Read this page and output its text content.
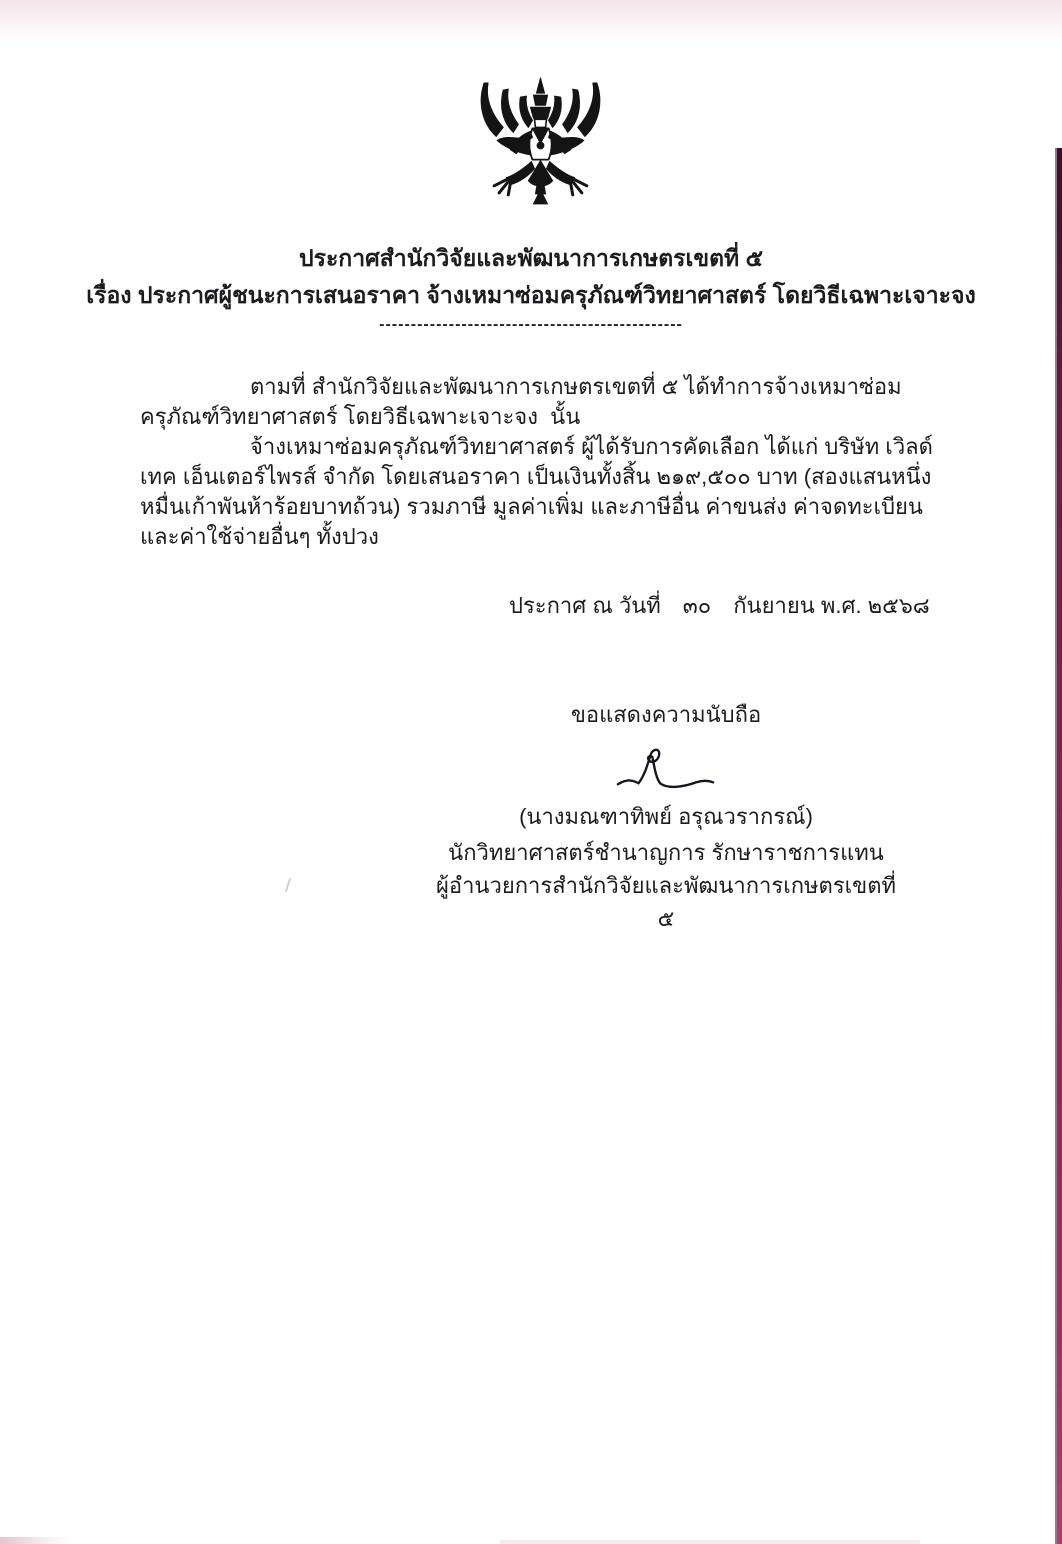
ประกาศสำนักวิจัยและพัฒนาการเกษตรเขตที่ ๕

เรื่อง ประกาศผู้ชนะการเสนอราคา จ้างเหมาซ่อมครุภัณฑ์วิทยาศาสตร์ โดยวิธีเฉพาะเจาะจง

------------------------------------------------

ตามที่ สำนักวิจัยและพัฒนาการเกษตรเขตที่ ๕ ได้ทำการจ้างเหมาซ่อมครุภัณฑ์วิทยาศาสตร์ โดยวิธีเฉพาะเจาะจง  นั้น

จ้างเหมาซ่อมครุภัณฑ์วิทยาศาสตร์ ผู้ได้รับการคัดเลือก ได้แก่ บริษัท เวิลด์เทค เอ็นเตอร์ไพรส์ จำกัด โดยเสนอราคา เป็นเงินทั้งสิ้น ๒๑๙,๕๐๐ บาท (สองแสนหนึ่งหมื่นเก้าพันห้าร้อยบาทถ้วน) รวมภาษี มูลค่าเพิ่ม และภาษีอื่น ค่าขนส่ง ค่าจดทะเบียน และค่าใช้จ่ายอื่นๆ ทั้งปวง

ประกาศ ณ วันที่ ๓๐ กันยายน พ.ศ. ๒๕๖๘

ขอแสดงความนับถือ

(นางมณฑาทิพย์ อรุณวรากรณ์)

นักวิทยาศาสตร์ชำนาญการ รักษาราชการแทน

ผู้อำนวยการสำนักวิจัยและพัฒนาการเกษตรเขตที่ ๕
